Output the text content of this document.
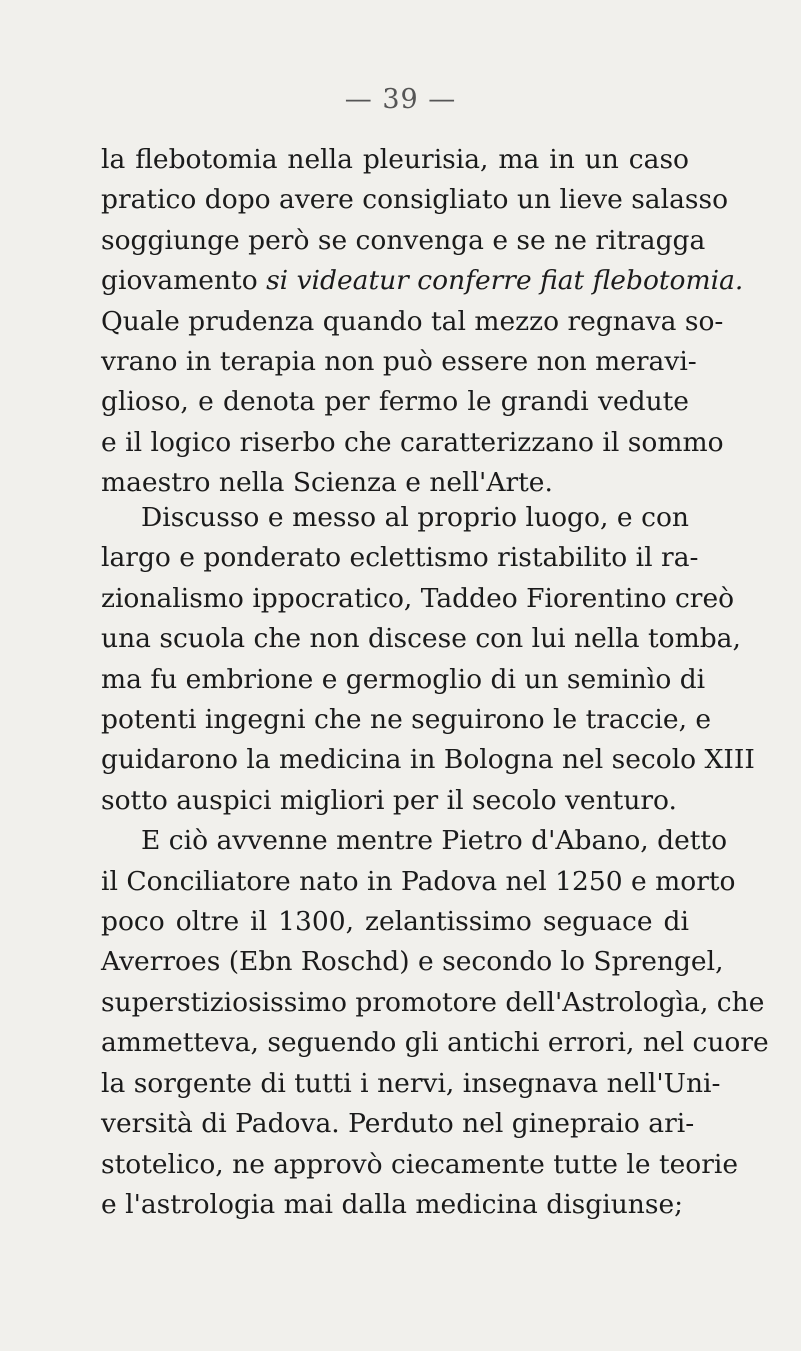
— 39 —
la flebotomia nella pleurisia, ma in un caso
pratico dopo avere consigliato un lieve salasso
soggiunge però se convenga e se ne ritragga
giovamento si videatur conferre fiat flebotomia.
Quale prudenza quando tal mezzo regnava so-
vrano in terapia non può essere non meravi-
glioso, e denota per fermo le grandi vedute
e il logico riserbo che caratterizzano il sommo
maestro nella Scienza e nell'Arte.
Discusso e messo al proprio luogo, e con
largo e ponderato eclettismo ristabilito il ra-
zionalismo ippocratico, Taddeo Fiorentino creò
una scuola che non discese con lui nella tomba,
ma fu embrione e germoglio di un seminìo di
potenti ingegni che ne seguirono le traccie, e
guidarono la medicina in Bologna nel secolo XIII
sotto auspici migliori per il secolo venturo.
E ciò avvenne mentre Pietro d'Abano, detto
il Conciliatore nato in Padova nel 1250 e morto
poco oltre il 1300, zelantissimo seguace di
Averroes (Ebn Roschd) e secondo lo Sprengel,
superstiziosissimo promotore dell'Astrologìa, che
ammetteva, seguendo gli antichi errori, nel cuore
la sorgente di tutti i nervi, insegnava nell'Uni-
versità di Padova. Perduto nel ginepraio ari-
stotelico, ne approvò ciecamente tutte le teorie
e l'astrologia mai dalla medicina disgiunse;
